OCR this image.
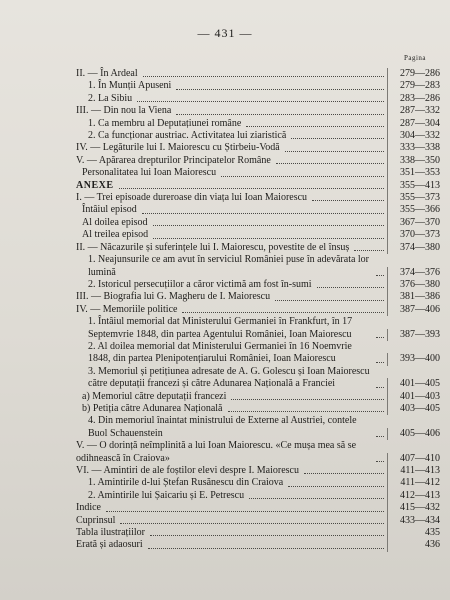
— 431 —
Pagina
II. — În Ardeal	279—286
1. În Munții Apuseni	279—283
2. La Sibiu	283—286
III. — Din nou la Viena	287—332
1. Ca membru al Deputațiunei române	287—304
2. Ca funcționar austriac. Activitatea lui ziaristică	304—332
IV. — Legăturile lui I. Maiorescu cu Știrbeiu-Vodă	333—338
V. — Apărarea drepturilor Principatelor Române	338—350
Personalitatea lui Ioan Maiorescu	351—353
ANEXE	355—413
I. — Trei episoade dureroase din viața lui Ioan Maiorescu	355—373
Întâiul episod	355—366
Al doilea episod	367—370
Al treilea episod	370—373
II. — Năcazurile și suferințele lui I. Maiorescu, povestite de el însuș	374—380
1. Neajunsurile ce am avut în serviciul României puse în adevărata lor lumină	374—376
2. Istoricul persecuțiilor a căror victimă am fost în-sumi	376—380
III. — Biografia lui G. Magheru de I. Maiorescu	381—386
IV. — Memoriile politice	387—406
1. Întâiul memorial dat Ministerului Germaniei în Frankfurt, în 17 Septemvrie 1848, din partea Agentului României, Ioan Maiorescu	387—393
2. Al doilea memorial dat Ministerului Germaniei în 16 Noemvrie 1848, din partea Plenipotențiarului României, Ioan Maiorescu	393—400
3. Memoriul și petițiunea adresate de A. G. Golescu și Ioan Maiorescu către deputații francezi și către Adunarea Națională a Franciei	401—405
a) Memoriul către deputații francezi	401—403
b) Petiția către Adunarea Națională	403—405
4. Din memoriul înaintat ministrului de Externe al Austriei, contele Buol Schauenstein	405—406
V. — O dorință neîmplinită a lui Ioan Maiorescu. «Ce mușa mea să se odihnească în Craiova»	407—410
VI. — Amintiri de ale foștilor elevi despre I. Maiorescu	411—413
1. Amintirile d-lui Ștefan Rusănescu din Craiova	411—412
2. Amintirile lui Șaicariu și E. Petrescu	412—413
Indice	415—432
Cuprinsul	433—434
Tabla ilustrațiilor	435
Erată și adaosuri	436
